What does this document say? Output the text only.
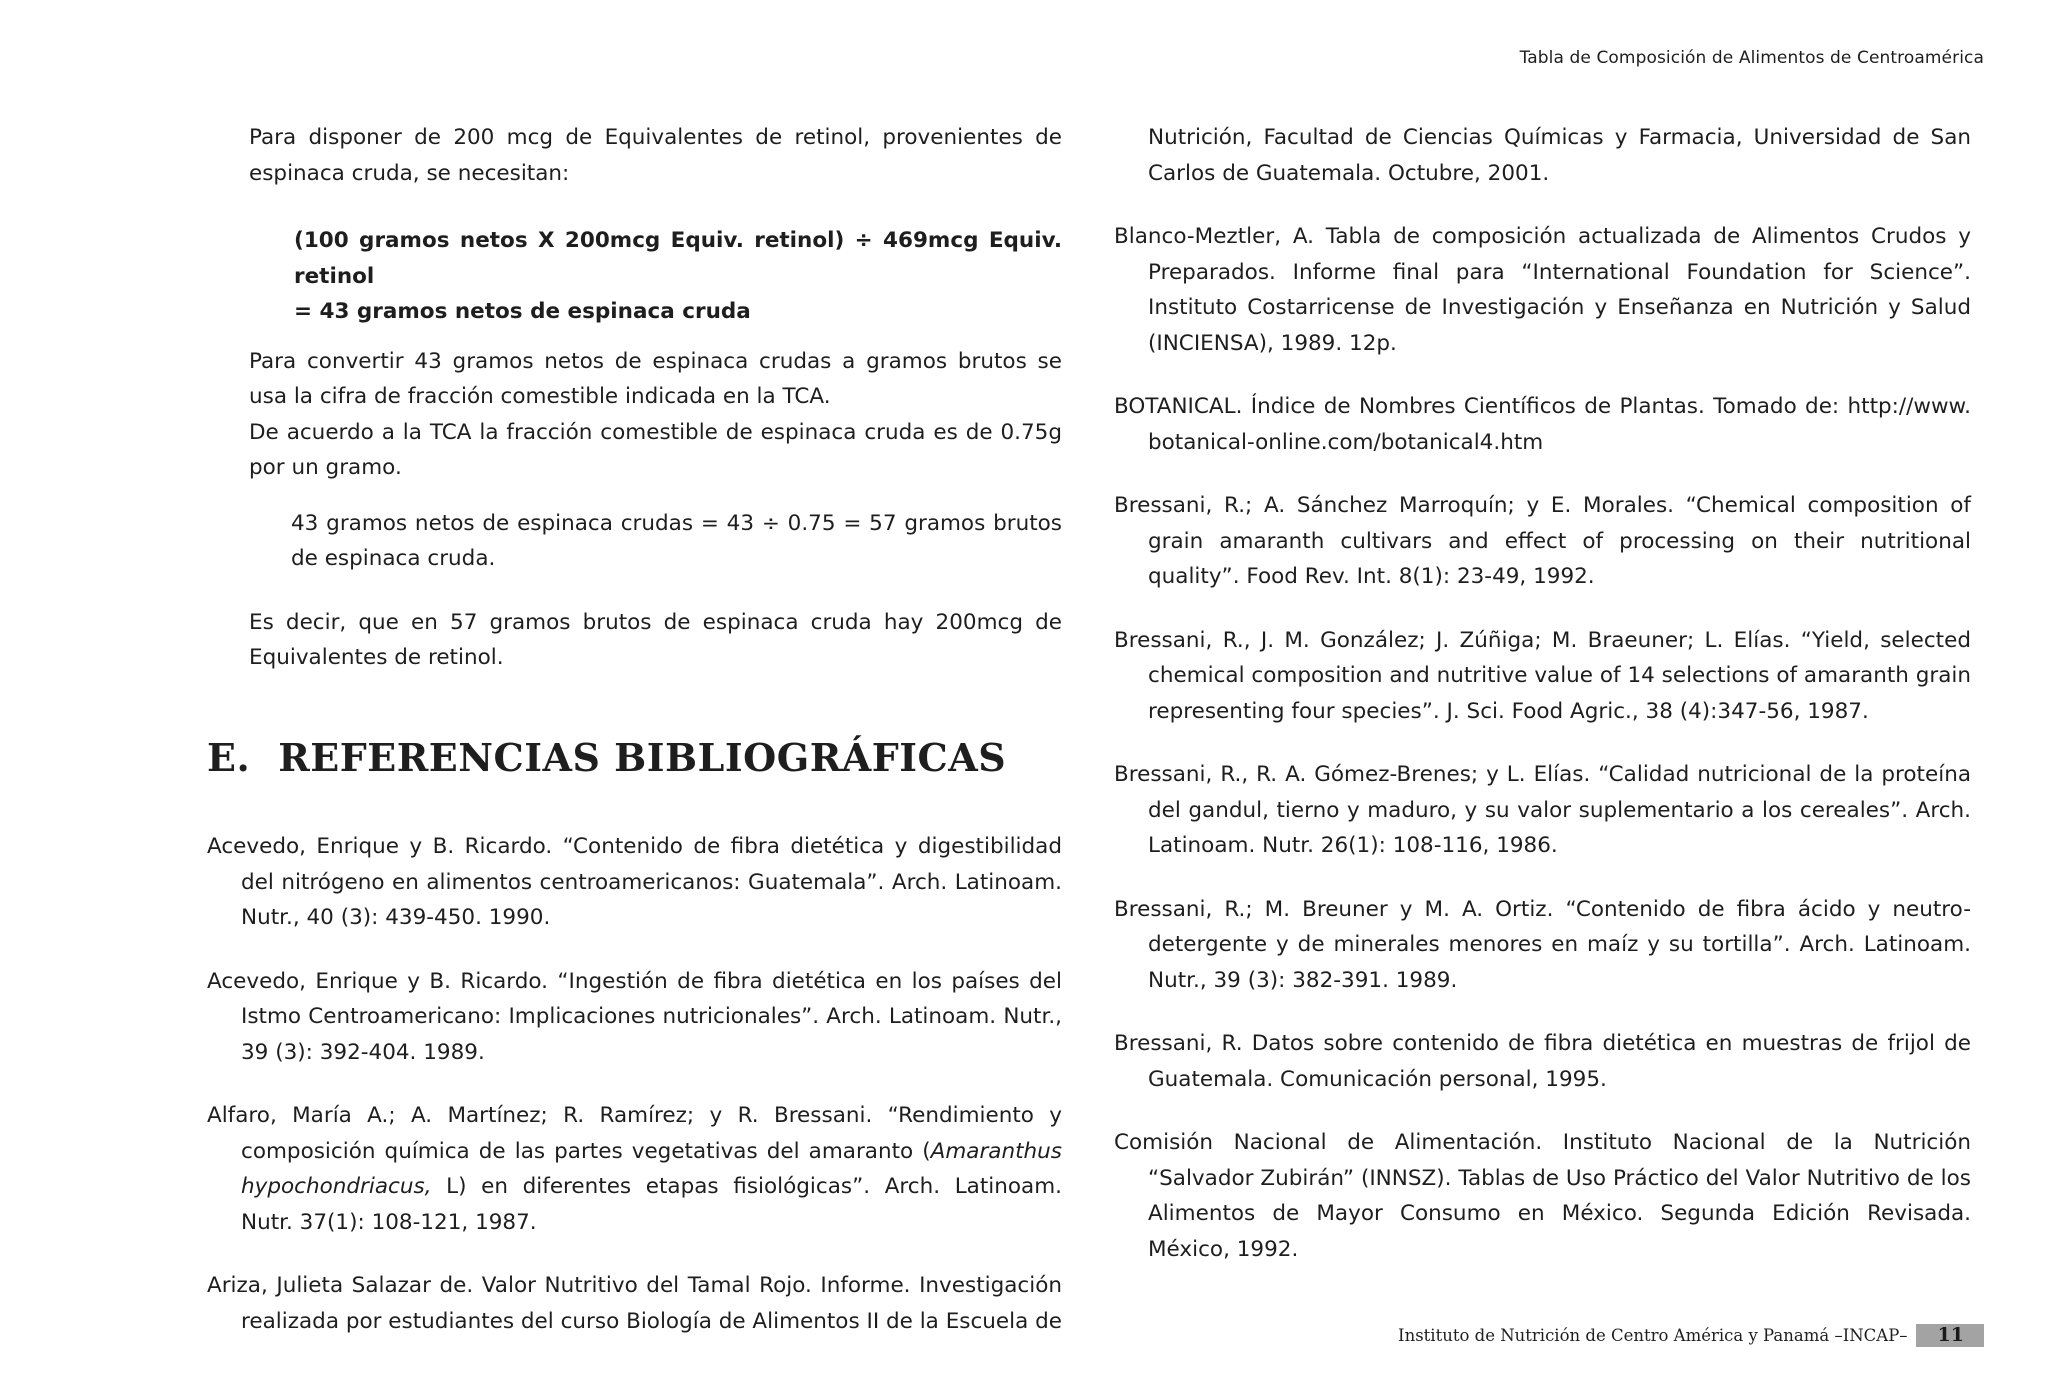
Tabla de Composición de Alimentos de Centroamérica

Para disponer de 200 mcg de Equivalentes de retinol, provenientes de espinaca cruda, se necesitan:

(100 gramos netos X 200mcg Equiv. retinol) ÷ 469mcg Equiv. retinol
= 43 gramos netos de espinaca cruda

Para convertir 43 gramos netos de espinaca crudas a gramos brutos se usa la cifra de fracción comestible indicada en la TCA.

De acuerdo a la TCA la fracción comestible de espinaca cruda es de 0.75g por un gramo.

43 gramos netos de espinaca crudas = 43 ÷ 0.75 = 57 gramos brutos de espinaca cruda.

Es decir, que en 57 gramos brutos de espinaca cruda hay 200mcg de Equivalentes de retinol.

E. REFERENCIAS BIBLIOGRÁFICAS

Acevedo, Enrique y B. Ricardo. “Contenido de fibra dietética y digestibilidad del nitrógeno en alimentos centroamericanos: Guatemala”. Arch. Latinoam. Nutr., 40 (3): 439-450. 1990.

Acevedo, Enrique y B. Ricardo. “Ingestión de fibra dietética en los países del Istmo Centroamericano: Implicaciones nutricionales”. Arch. Latinoam. Nutr., 39 (3): 392-404. 1989.

Alfaro, María A.; A. Martínez; R. Ramírez; y R. Bressani. “Rendimiento y composición química de las partes vegetativas del amaranto (Amaranthus hypochondriacus, L) en diferentes etapas fisiológicas”. Arch. Latinoam. Nutr. 37(1): 108-121, 1987.

Ariza, Julieta Salazar de. Valor Nutritivo del Tamal Rojo. Informe. Investigación realizada por estudiantes del curso Biología de Alimentos II de la Escuela de

Nutrición, Facultad de Ciencias Químicas y Farmacia, Universidad de San Carlos de Guatemala. Octubre, 2001.

Blanco-Meztler, A. Tabla de composición actualizada de Alimentos Crudos y Preparados. Informe final para “International Foundation for Science”. Instituto Costarricense de Investigación y Enseñanza en Nutrición y Salud (INCIENSA), 1989. 12p.

BOTANICAL. Índice de Nombres Científicos de Plantas. Tomado de: http://www. botanical-online.com/botanical4.htm

Bressani, R.; A. Sánchez Marroquín; y E. Morales. “Chemical composition of grain amaranth cultivars and effect of processing on their nutritional quality”. Food Rev. Int. 8(1): 23-49, 1992.

Bressani, R., J. M. González; J. Zúñiga; M. Braeuner; L. Elías. “Yield, selected chemical composition and nutritive value of 14 selections of amaranth grain representing four species”. J. Sci. Food Agric., 38 (4):347-56, 1987.

Bressani, R., R. A. Gómez-Brenes; y L. Elías. “Calidad nutricional de la proteína del gandul, tierno y maduro, y su valor suplementario a los cereales”. Arch. Latinoam. Nutr. 26(1): 108-116, 1986.

Bressani, R.; M. Breuner y M. A. Ortiz. “Contenido de fibra ácido y neutro-detergente y de minerales menores en maíz y su tortilla”. Arch. Latinoam. Nutr., 39 (3): 382-391. 1989.

Bressani, R. Datos sobre contenido de fibra dietética en muestras de frijol de Guatemala. Comunicación personal, 1995.

Comisión Nacional de Alimentación. Instituto Nacional de la Nutrición “Salvador Zubirán” (INNSZ). Tablas de Uso Práctico del Valor Nutritivo de los Alimentos de Mayor Consumo en México. Segunda Edición Revisada. México, 1992.

Instituto de Nutrición de Centro América y Panamá –INCAP–	11
